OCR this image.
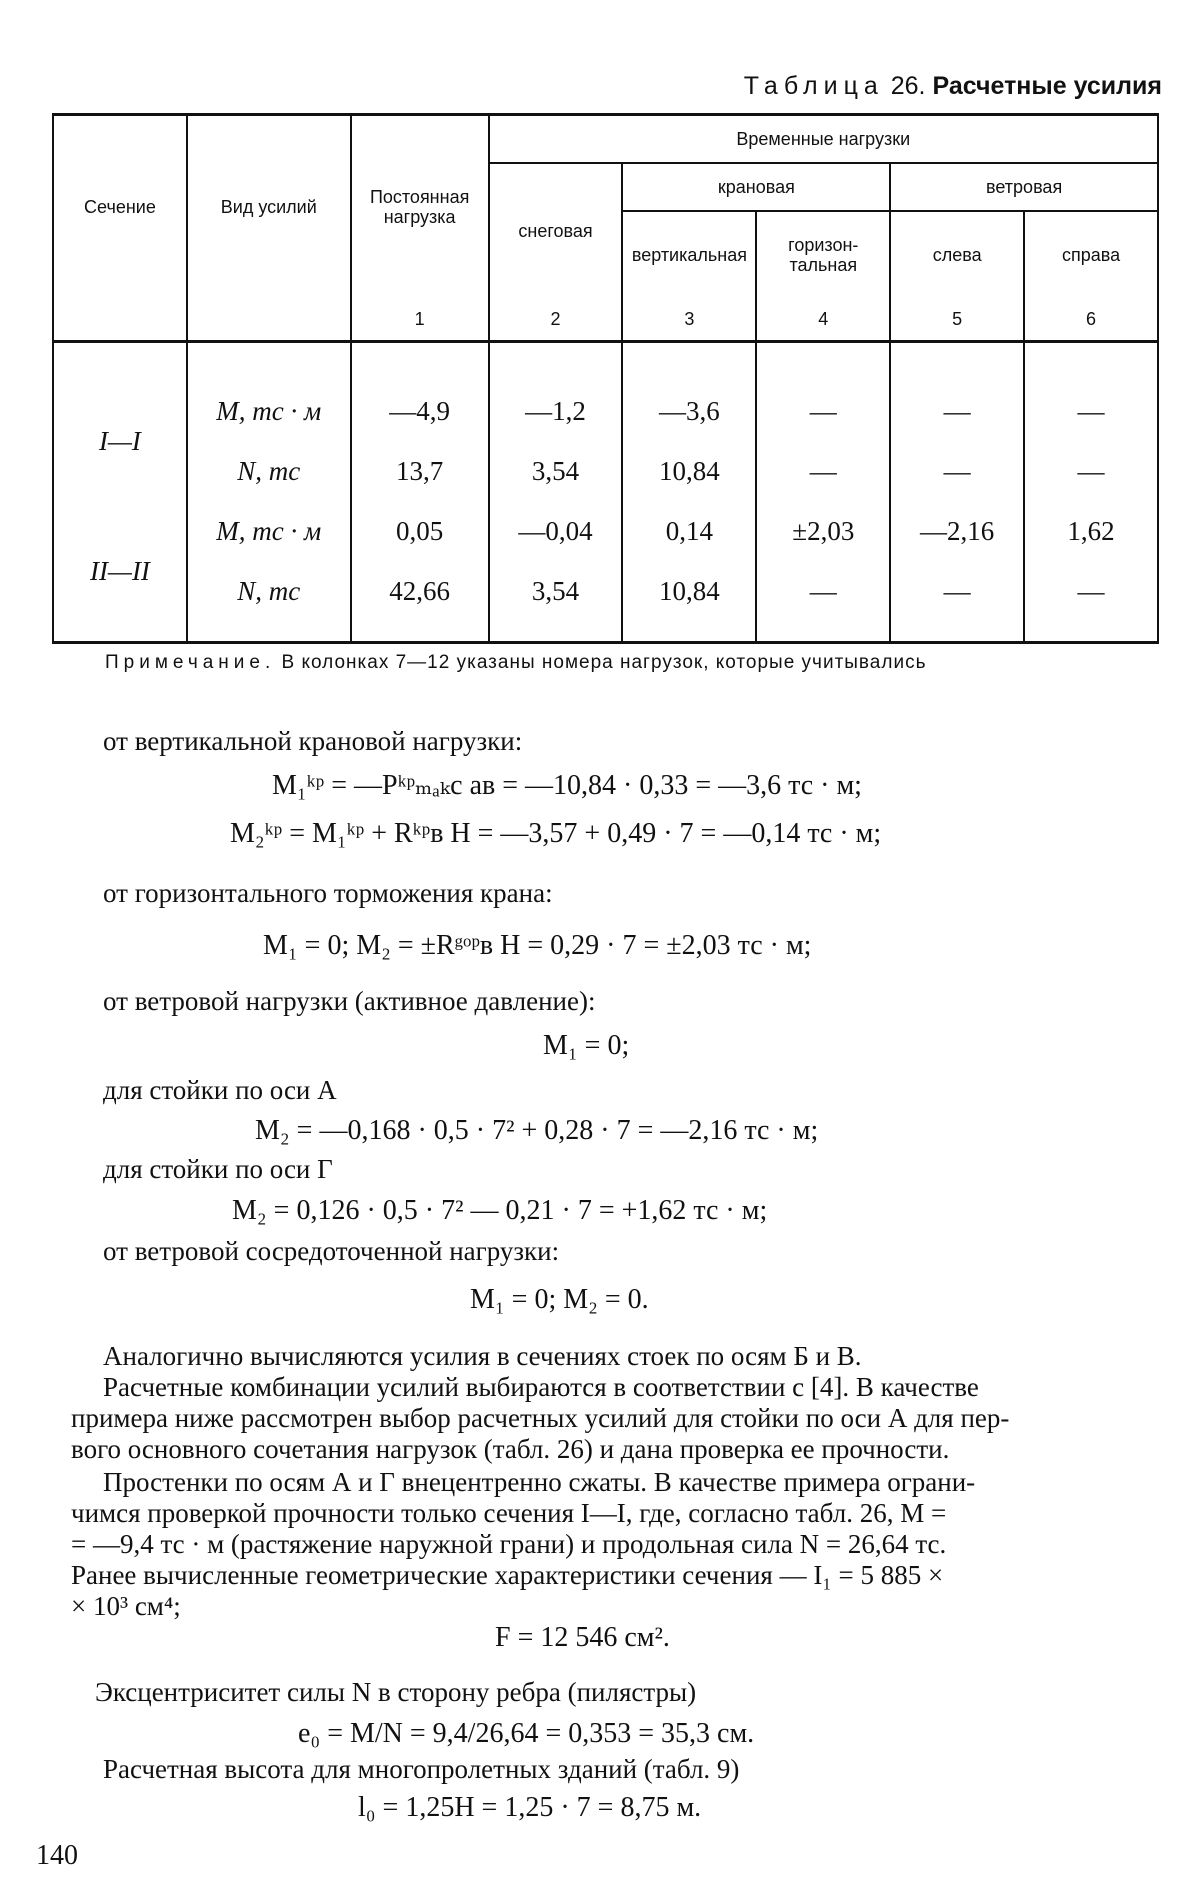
Таблица 26. Расчетные усилия
Сечение	Вид усилий	Постоянная нагрузка	Временные нагрузки				
			снеговая	крановая		ветровая	
				вертикальная	горизонтальная	слева	справа
		1	2	3	4	5	6
I—I	M, тс · м	—4,9	—1,2	—3,6	—	—	—
	N, тс	13,7	3,54	10,84	—	—	—
II—II	M, тс · м	0,05	—0,04	0,14	±2,03	—2,16	1,62
	N, тс	42,66	3,54	10,84	—	—	—
Примечание. В колонках 7—12 указаны номера нагрузок, которые учитывались
от вертикальной крановой нагрузки:
M₁ᵏᵖ = —Pᵏᵖₘₐₖc aв = —10,84 · 0,33 = —3,6 тс · м;
M₂ᵏᵖ = M₁ᵏᵖ + Rᵏᵖв H = —3,57 + 0,49 · 7 = —0,14 тс · м;
от горизонтального торможения крана:
M₁ = 0; M₂ = ±Rᵍᵒᵖв H = 0,29 · 7 = ±2,03 тс · м;
от ветровой нагрузки (активное давление):
M₁ = 0;
для стойки по оси А
M₂ = —0,168 · 0,5 · 7² + 0,28 · 7 = —2,16 тс · м;
для стойки по оси Г
M₂ = 0,126 · 0,5 · 7² — 0,21 · 7 = +1,62 тс · м;
от ветровой сосредоточенной нагрузки:
M₁ = 0; M₂ = 0.
Аналогично вычисляются усилия в сечениях стоек по осям Б и В.
Расчетные комбинации усилий выбираются в соответствии с [4]. В качестве
примера ниже рассмотрен выбор расчетных усилий для стойки по оси А для пер-
вого основного сочетания нагрузок (табл. 26) и дана проверка ее прочности.
Простенки по осям А и Г внецентренно сжаты. В качестве примера ограни-
чимся проверкой прочности только сечения I—I, где, согласно табл. 26, M =
= —9,4 тс · м (растяжение наружной грани) и продольная сила N = 26,64 тс.
Ранее вычисленные геометрические характеристики сечения — I₁ = 5 885 ×
× 10³ см⁴;
F = 12 546 см².
Эксцентриситет силы N в сторону ребра (пилястры)
e₀ = M/N = 9,4/26,64 = 0,353 = 35,3 см.
Расчетная высота для многопролетных зданий (табл. 9)
l₀ = 1,25H = 1,25 · 7 = 8,75 м.
140
